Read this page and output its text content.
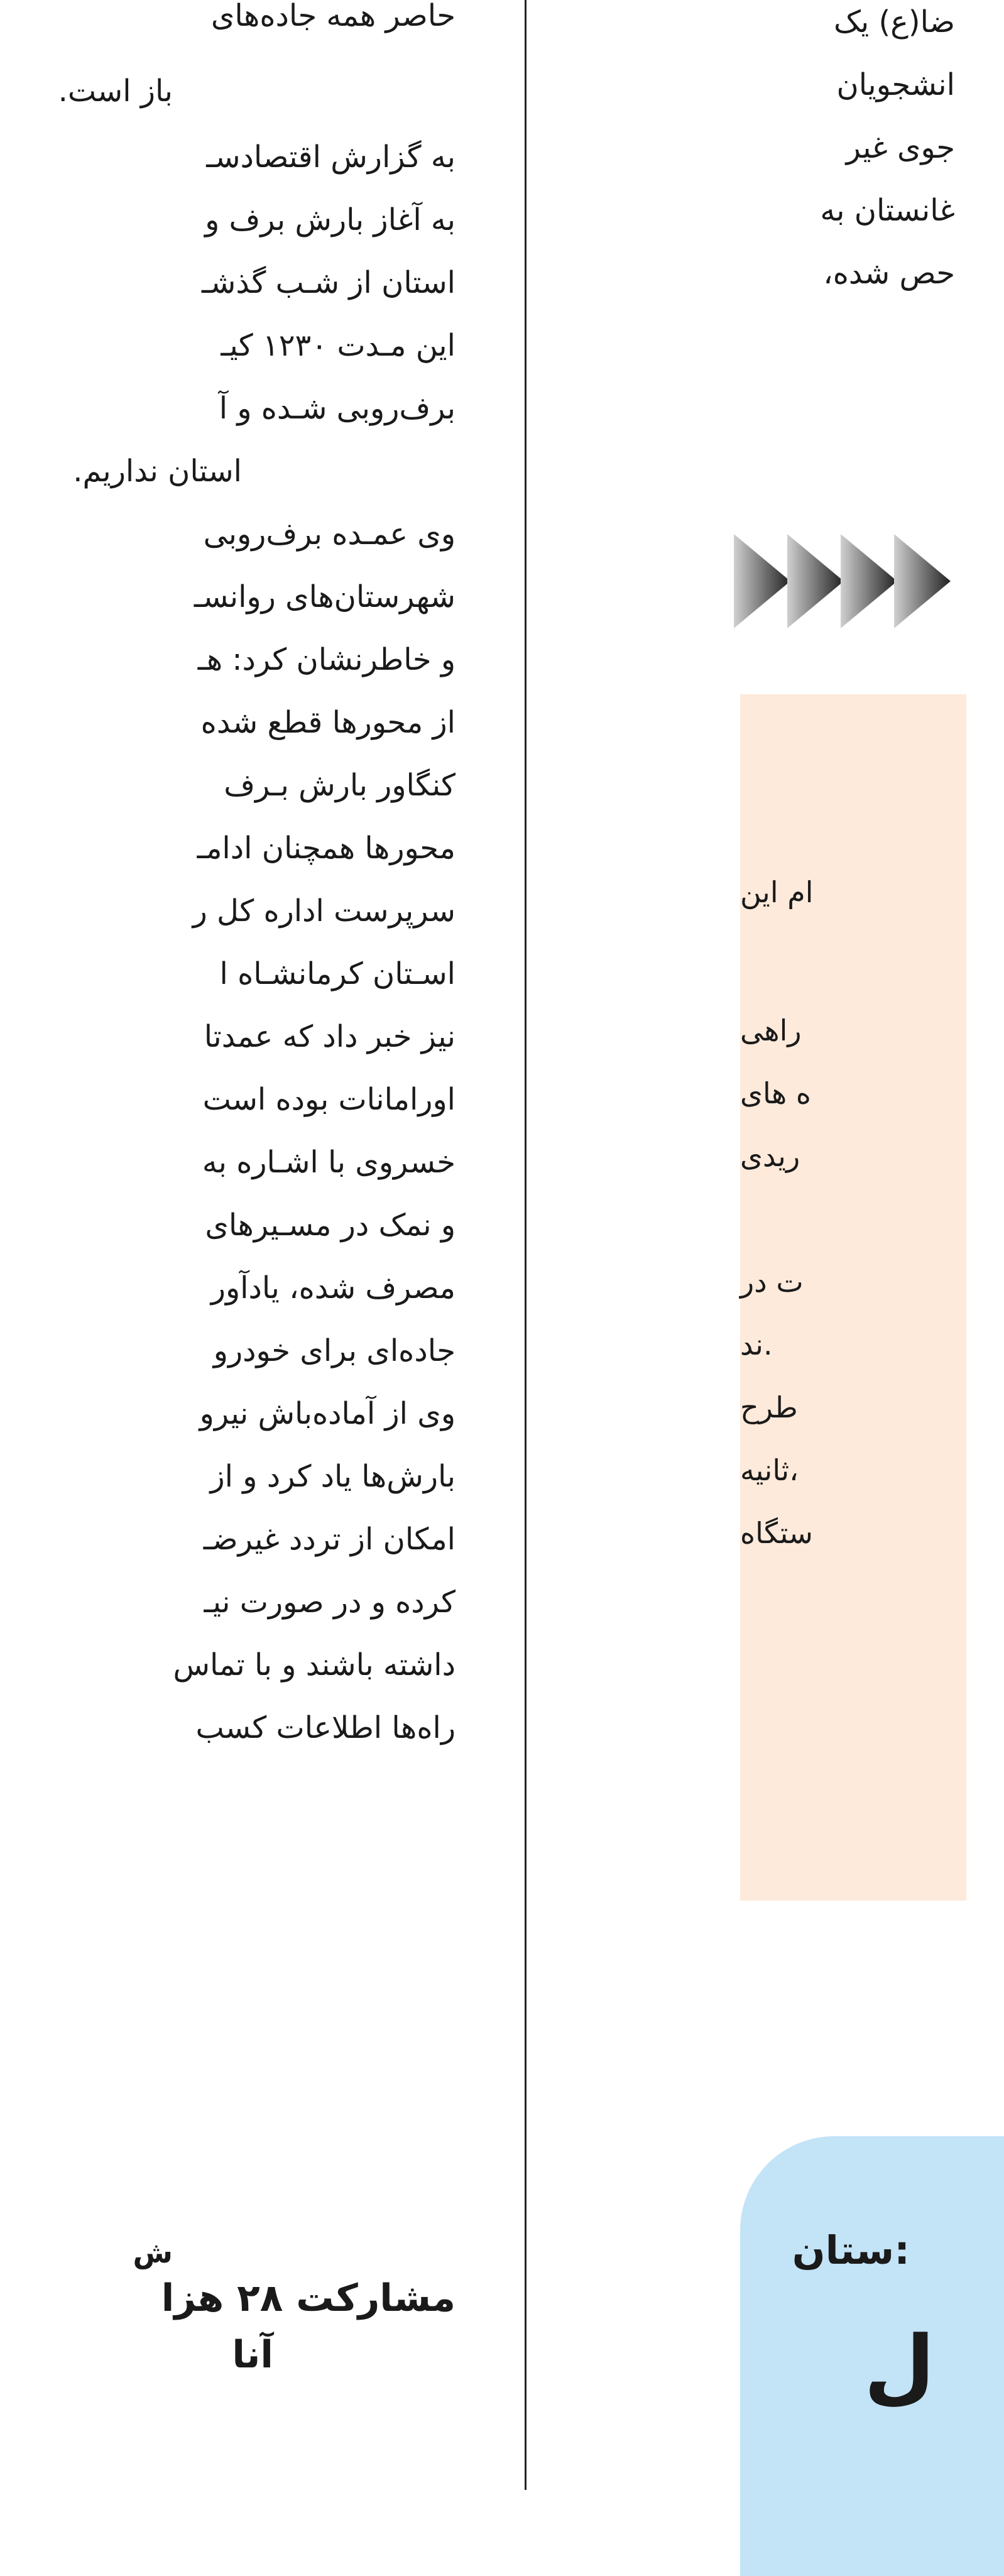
حاصر همه جاده‌های
باز است.
به گزارش اقتصادسـ
به آغاز بارش برف و
استان از شـب گذشـ
این مـدت ۱۲۳۰ کیـ
برف‌روبی شـده و آ
استان نداریم.
وی عمـده برف‌روبی
شهرستان‌های روانسـ
و خاطرنشان کرد: هـ
از محورها قطع شده
کنگاور بارش بـرف
محورها همچنان ادامـ
سرپرست اداره کل ر
اسـتان کرمانشـاه ا
نیز خبر داد که عمدتا
اورامانات بوده است
خسروی با اشـاره به
و نمک در مسـیرهای
مصرف شده، یادآور
جاده‌ای برای خودرو
وی از آماده‌باش نیرو
بارش‌ها یاد کرد و از
امکان از تردد غیرضـ
کرده و در صورت نیـ
داشته باشند و با تماس
راه‌ها اطلاعات کسب
ش
مشارکت ۲۸ هزا
آنا
ضا(ع) یک
انشجویان
جوی غیر
غانستان به
حص شده،
ام این
راهی
ه های
ریدی
ت در
ند.
طرح
ثانیه،
ستگاه
ستان:
ل
